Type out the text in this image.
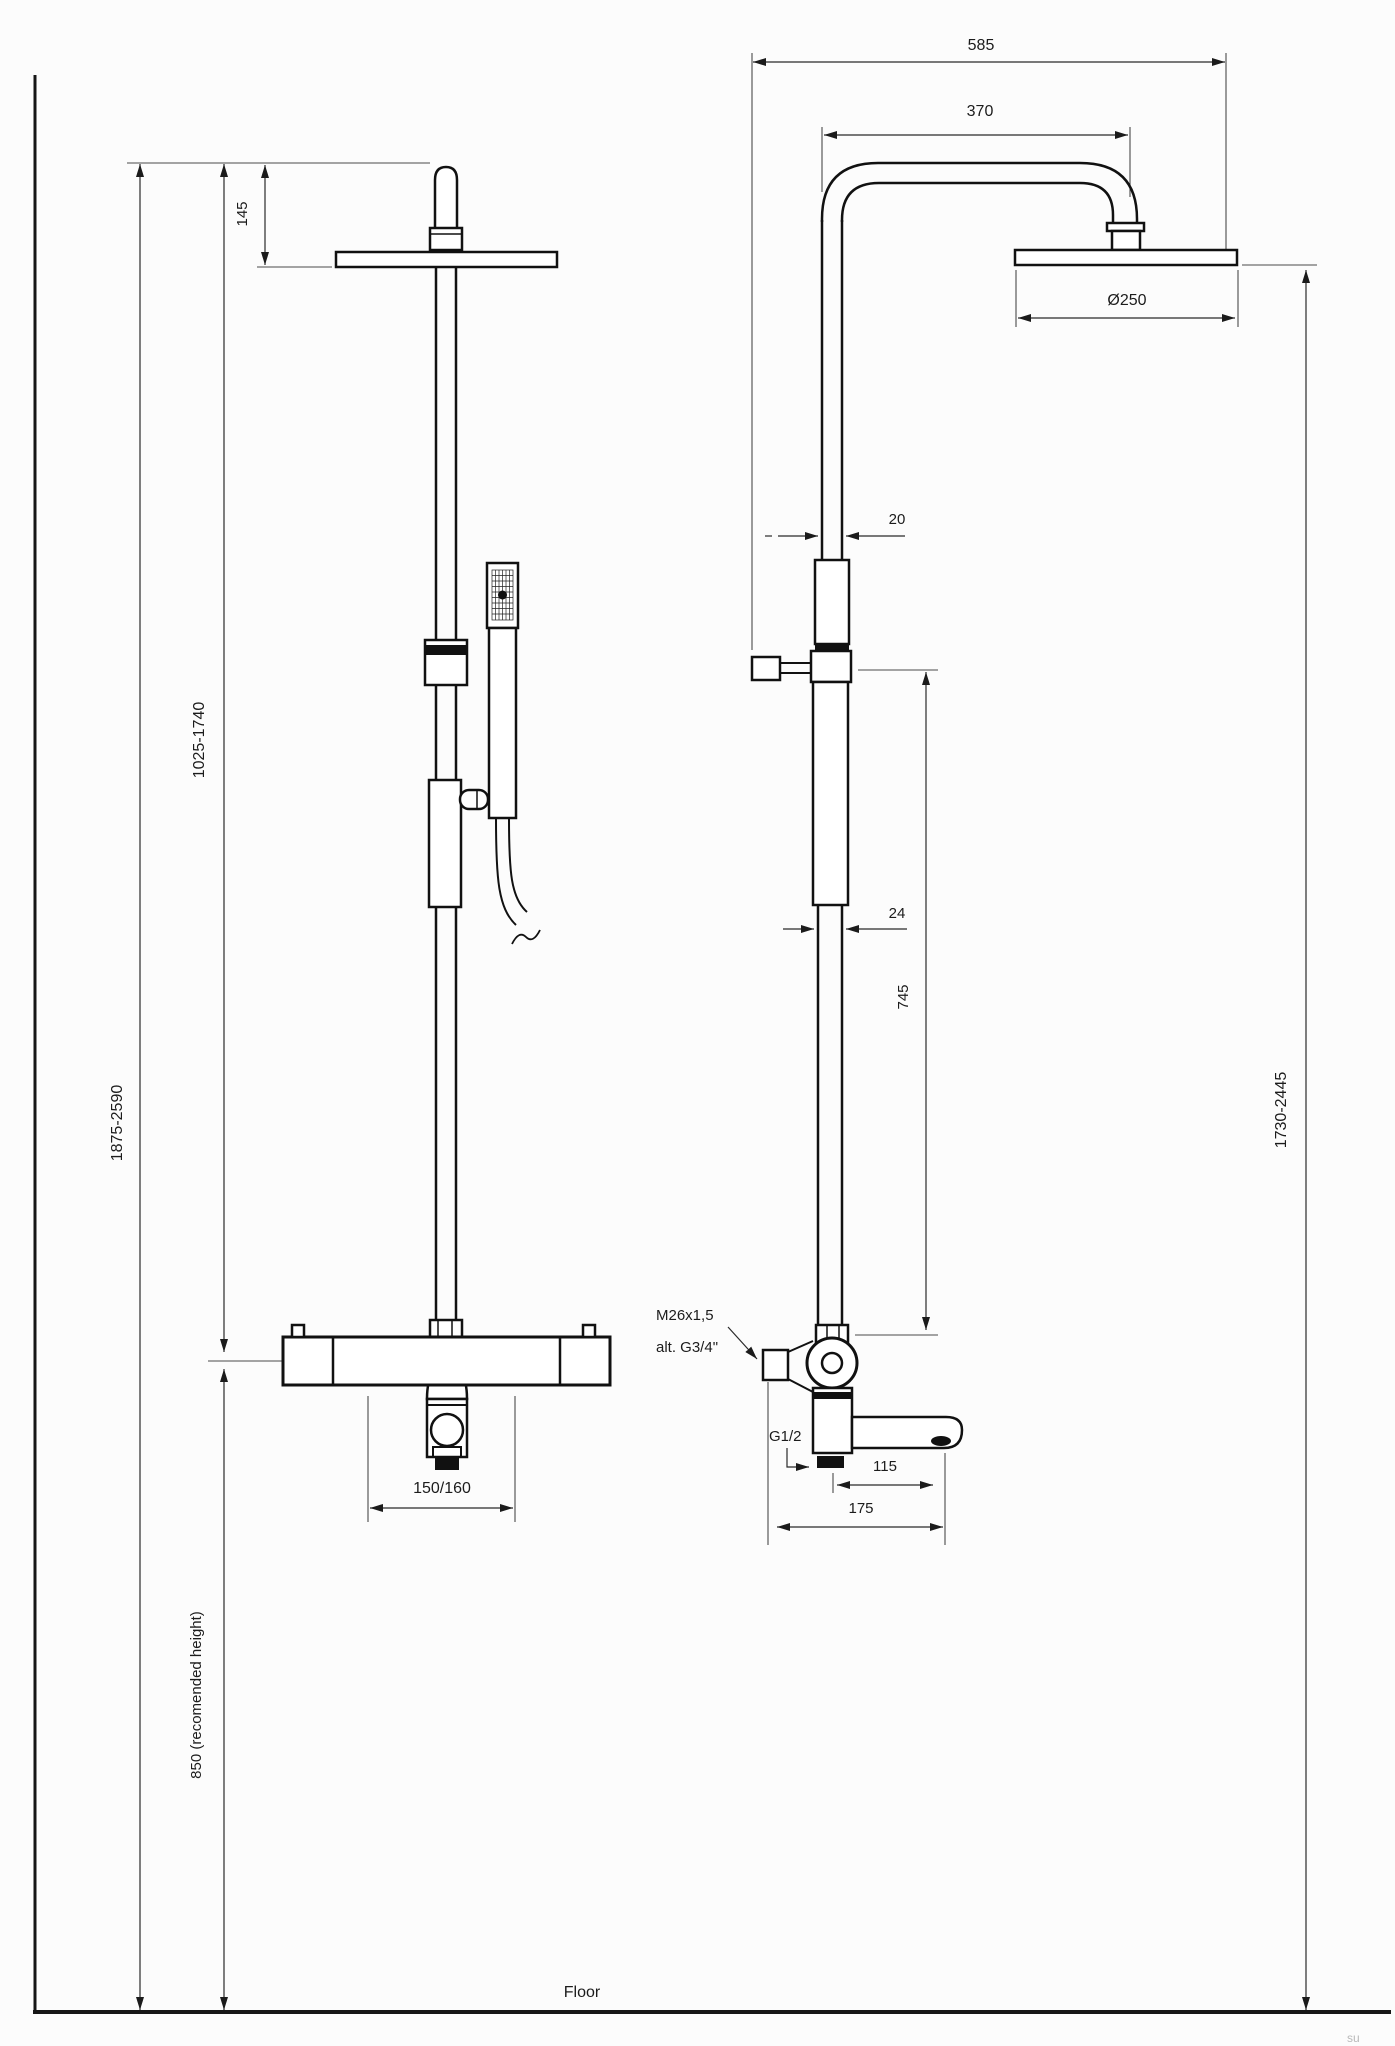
Floor
su
1875-2590
1025-1740
850 (recomended height)
145
150/160
585
370
Ø250
1730-2445
20
24
745
M26x1,5
alt. G3/4"
G1/2
115
175
